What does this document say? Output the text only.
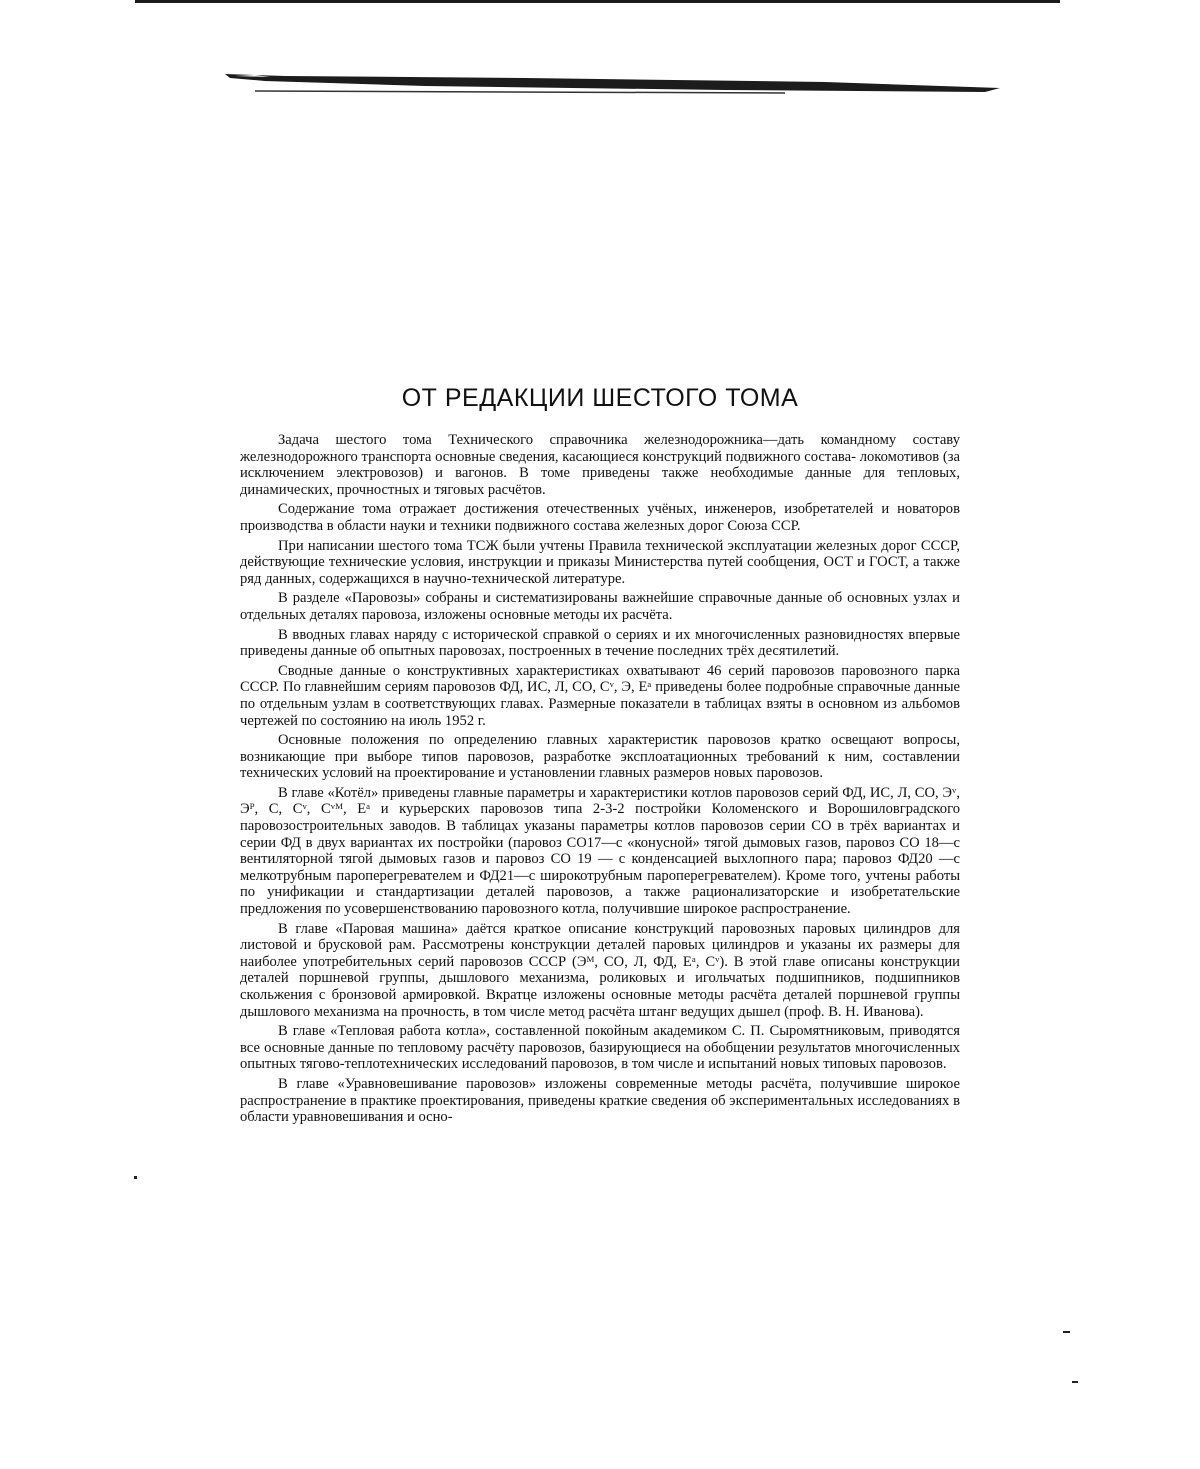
ОТ РЕДАКЦИИ ШЕСТОГО ТОМА

Задача шестого тома Технического справочника железнодорожника—дать командному составу железнодорожного транспорта основные сведения, касающиеся конструкций подвижного состава- локомотивов (за исключением электровозов) и вагонов. В томе приведены также необходимые данные для тепловых, динамических, прочностных и тяговых расчётов.

Содержание тома отражает достижения отечественных учёных, инженеров, изобретателей и новаторов производства в области науки и техники подвижного состава железных дорог Союза ССР.

При написании шестого тома ТСЖ были учтены Правила технической эксплуатации железных дорог СССР, действующие технические условия, инструкции и приказы Министерства путей сообщения, ОСТ и ГОСТ, а также ряд данных, содержащихся в научно-технической литературе.

В разделе «Паровозы» собраны и систематизированы важнейшие справочные данные об основных узлах и отдельных деталях паровоза, изложены основные методы их расчёта.

В вводных главах наряду с исторической справкой о сериях и их многочисленных разновидностях впервые приведены данные об опытных паровозах, построенных в течение последних трёх десятилетий.

Сводные данные о конструктивных характеристиках охватывают 46 серий паровозов паровозного парка СССР. По главнейшим сериям паровозов ФД, ИС, Л, СО, Сᵛ, Э, Еᵃ приведены более подробные справочные данные по отдельным узлам в соответствующих главах. Размерные показатели в таблицах взяты в основном из альбомов чертежей по состоянию на июль 1952 г.

Основные положения по определению главных характеристик паровозов кратко освещают вопросы, возникающие при выборе типов паровозов, разработке эксплоатационных требований к ним, составлении технических условий на проектирование и установлении главных размеров новых паровозов.

В главе «Котёл» приведены главные параметры и характеристики котлов паровозов серий ФД, ИС, Л, СО, Эᵛ, Эᴾ, С, Сᵛ, Сᵛᴹ, Еᵃ и курьерских паровозов типа 2-3-2 постройки Коломенского и Ворошиловградского паровозостроительных заводов. В таблицах указаны параметры котлов паровозов серии СО в трёх вариантах и серии ФД в двух вариантах их постройки (паровоз СО17—с «конусной» тягой дымовых газов, паровоз СО 18—с вентиляторной тягой дымовых газов и паровоз СО 19 — с конденсацией выхлопного пара; паровоз ФД20 —с мелкотрубным пароперегревателем и ФД21—с широкотрубным пароперегревателем). Кроме того, учтены работы по унификации и стандартизации деталей паровозов, а также рационализаторские и изобретательские предложения по усовершенствованию паровозного котла, получившие широкое распространение.

В главе «Паровая машина» даётся краткое описание конструкций паровозных паровых цилиндров для листовой и брусковой рам. Рассмотрены конструкции деталей паровых цилиндров и указаны их размеры для наиболее употребительных серий паровозов СССР (Эᴹ, СО, Л, ФД, Еᵃ, Сᵛ). В этой главе описаны конструкции деталей поршневой группы, дышлового механизма, роликовых и игольчатых подшипников, подшипников скольжения с бронзовой армировкой. Вкратце изложены основные методы расчёта деталей поршневой группы дышлового механизма на прочность, в том числе метод расчёта штанг ведущих дышел (проф. В. Н. Иванова).

В главе «Тепловая работа котла», составленной покойным академиком С. П. Сыромятниковым, приводятся все основные данные по тепловому расчёту паровозов, базирующиеся на обобщении результатов многочисленных опытных тягово-теплотехнических исследований паровозов, в том числе и испытаний новых типовых паровозов.

В главе «Уравновешивание паровозов» изложены современные методы расчёта, получившие широкое распространение в практике проектирования, приведены краткие сведения об экспериментальных исследованиях в области уравновешивания и осно-
